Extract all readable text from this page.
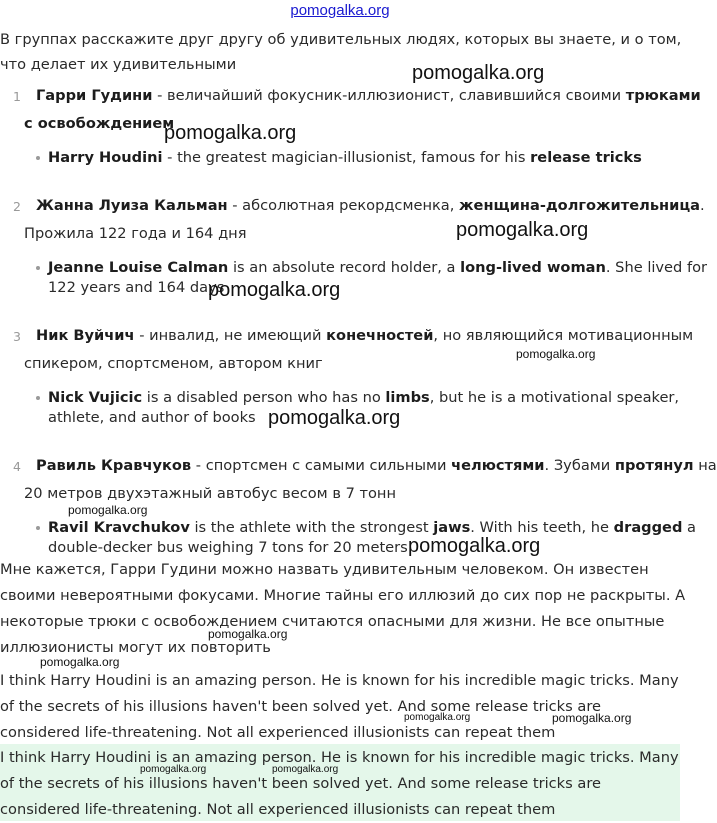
pomogalka.org
В группах расскажите друг другу об удивительных людях, которых вы знаете, и о том,
что делает их удивительными
1 Гарри Гудини - величайший фокусник-иллюзионист, славившийся своими трюками
с освобождением
Harry Houdini - the greatest magician-illusionist, famous for his release tricks
2 Жанна Луиза Кальман - абсолютная рекордсменка, женщина-долгожительница.
Прожила 122 года и 164 дня
Jeanne Louise Calman is an absolute record holder, a long-lived woman. She lived for
122 years and 164 days
3 Ник Вуйчич - инвалид, не имеющий конечностей, но являющийся мотивационным
спикером, спортсменом, автором книг
Nick Vujicic is a disabled person who has no limbs, but he is a motivational speaker,
athlete, and author of books
4 Равиль Кравчуков - спортсмен с самыми сильными челюстями. Зубами протянул на
20 метров двухэтажный автобус весом в 7 тонн
Ravil Kravchukov is the athlete with the strongest jaws. With his teeth, he dragged a
double-decker bus weighing 7 tons for 20 meters
Мне кажется, Гарри Гудини можно назвать удивительным человеком. Он известен
своими невероятными фокусами. Многие тайны его иллюзий до сих пор не раскрыты. А
некоторые трюки с освобождением считаются опасными для жизни. Не все опытные
иллюзионисты могут их повторить
I think Harry Houdini is an amazing person. He is known for his incredible magic tricks. Many
of the secrets of his illusions haven't been solved yet. And some release tricks are
considered life-threatening. Not all experienced illusionists can repeat them
I think Harry Houdini is an amazing person. He is known for his incredible magic tricks. Many
of the secrets of his illusions haven't been solved yet. And some release tricks are
considered life-threatening. Not all experienced illusionists can repeat them
pomogalka.org
pomogalka.org
pomogalka.org
pomogalka.org
pomogalka.org
pomogalka.org
pomogalka.org
pomogalka.org
pomogalka.org
pomogalka.org
pomogalka.org	pomogalka.org
pomogalka.org	pomogalka.org
